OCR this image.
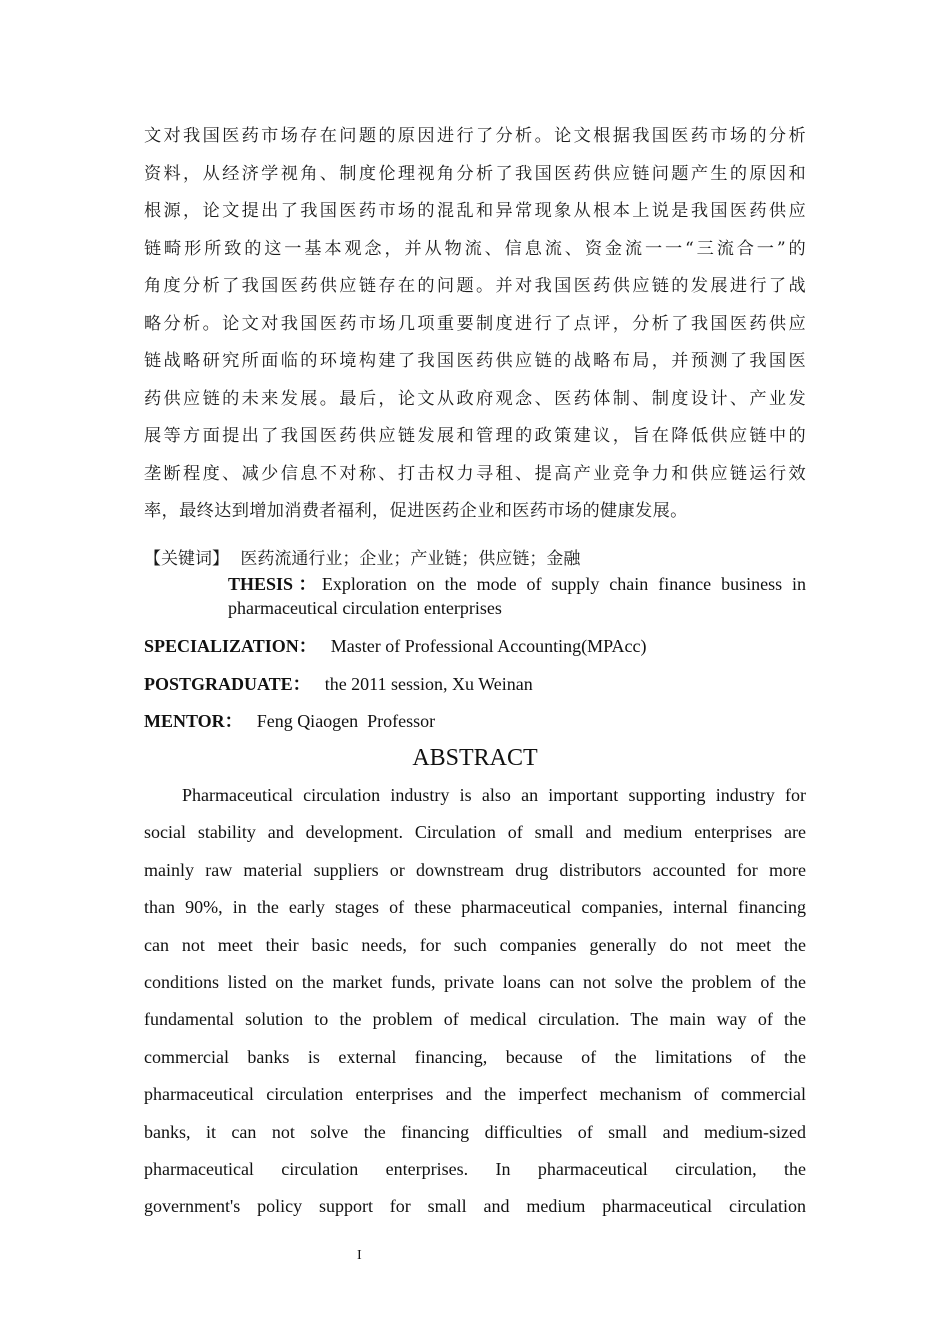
文对我国医药市场存在问题的原因进行了分析。论文根据我国医药市场的分析
资料，从经济学视角、制度伦理视角分析了我国医药供应链问题产生的原因和
根源，论文提出了我国医药市场的混乱和异常现象从根本上说是我国医药供应
链畸形所致的这一基本观念，并从物流、信息流、资金流一一“三流合一”的
角度分析了我国医药供应链存在的问题。并对我国医药供应链的发展进行了战
略分析。论文对我国医药市场几项重要制度进行了点评，分析了我国医药供应
链战略研究所面临的环境构建了我国医药供应链的战略布局，并预测了我国医
药供应链的未来发展。最后，论文从政府观念、医药体制、制度设计、产业发
展等方面提出了我国医药供应链发展和管理的政策建议，旨在降低供应链中的
垄断程度、减少信息不对称、打击权力寻租、提高产业竞争力和供应链运行效
率，最终达到增加消费者福利，促进医药企业和医药市场的健康发展。
【关键词】 医药流通行业；企业；产业链；供应链；金融
THESIS：Exploration on the mode of supply chain finance business in
pharmaceutical circulation enterprises
SPECIALIZATION： Master of Professional Accounting(MPAcc)
POSTGRADUATE： the 2011 session, Xu Weinan
MENTOR： Feng Qiaogen  Professor
ABSTRACT
Pharmaceutical circulation industry is also an important supporting industry for
social stability and development. Circulation of small and medium enterprises are
mainly raw material suppliers or downstream drug distributors accounted for more
than 90%, in the early stages of these pharmaceutical companies, internal financing
can not meet their basic needs, for such companies generally do not meet the
conditions listed on the market funds, private loans can not solve the problem of the
fundamental solution to the problem of medical circulation. The main way of the
commercial banks is external financing, because of the limitations of the
pharmaceutical circulation enterprises and the imperfect mechanism of commercial
banks, it can not solve the financing difficulties of small and medium-sized
pharmaceutical circulation enterprises. In pharmaceutical circulation, the
government's policy support for small and medium pharmaceutical circulation
I
